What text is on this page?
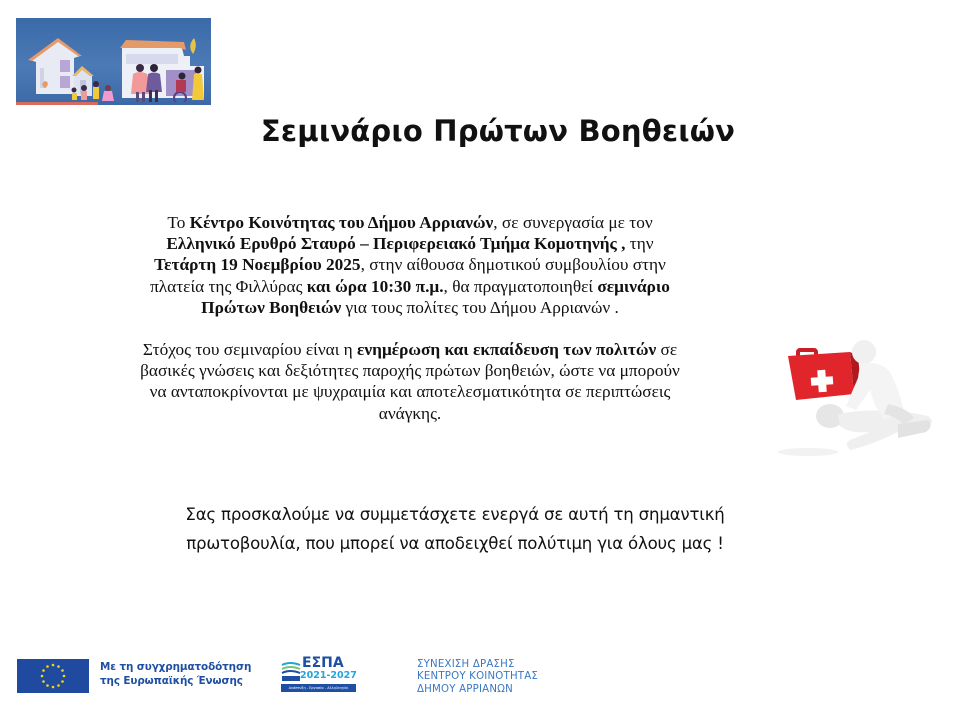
Σεμινάριο Πρώτων Βοηθειών

Το Κέντρο Κοινότητας του Δήμου Αρριανών, σε συνεργασία με τον
Ελληνικό Ερυθρό Σταυρό – Περιφερειακό Τμήμα Κομοτηνής , την
Τετάρτη 19 Νοεμβρίου 2025, στην αίθουσα δημοτικού συμβουλίου στην
πλατεία της Φιλλύρας και ώρα 10:30 π.μ., θα πραγματοποιηθεί σεμινάριο
Πρώτων Βοηθειών για τους πολίτες του Δήμου Αρριανών .

Στόχος του σεμιναρίου είναι η ενημέρωση και εκπαίδευση των πολιτών σε
βασικές γνώσεις και δεξιότητες παροχής πρώτων βοηθειών, ώστε να μπορούν
να ανταποκρίνονται με ψυχραιμία και αποτελεσματικότητα σε περιπτώσεις
ανάγκης.

Σας προσκαλούμε να συμμετάσχετε ενεργά σε αυτή τη σημαντική
πρωτοβουλία, που μπορεί να αποδειχθεί πολύτιμη για όλους μας !
Με τη συγχρηματοδότηση
της Ευρωπαϊκής Ένωσης
ΕΣΠΑ
2021-2027
Ανάπτυξη - Εργασία - Αλληλεγγύη
ΣΥΝΕΧΙΣΗ ΔΡΑΣΗΣ
ΚΕΝΤΡΟΥ ΚΟΙΝΟΤΗΤΑΣ
ΔΗΜΟΥ ΑΡΡΙΑΝΩΝ
